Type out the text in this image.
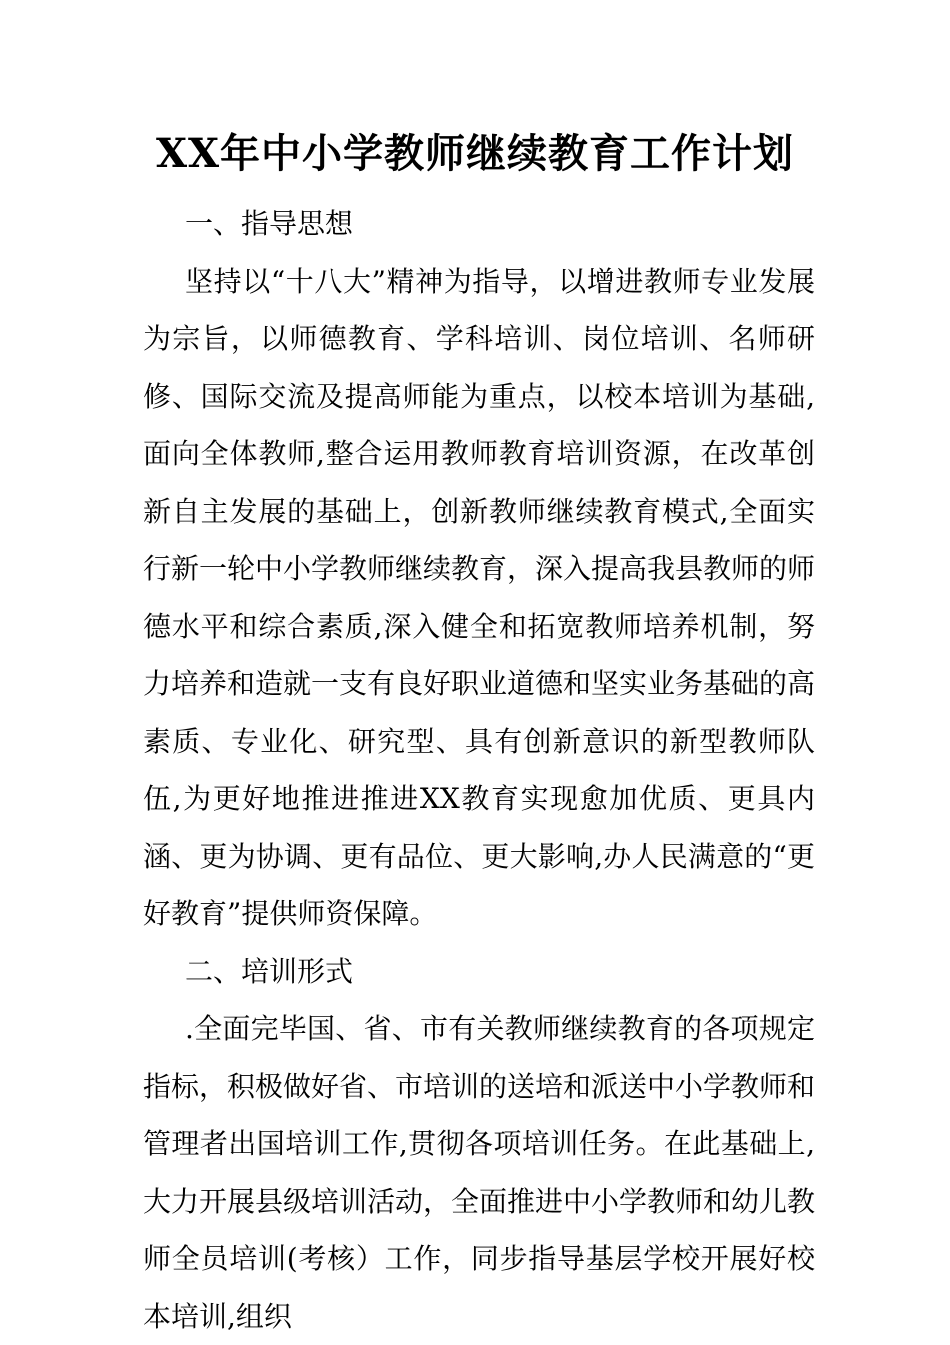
XX年中小学教师继续教育工作计划

一、指导思想

坚持以“十八大”精神为指导，以增进教师专业发展为宗旨，以师德教育、学科培训、岗位培训、名师研修、国际交流及提高师能为重点，以校本培训为基础,面向全体教师,整合运用教师教育培训资源，在改革创新自主发展的基础上，创新教师继续教育模式,全面实行新一轮中小学教师继续教育，深入提高我县教师的师德水平和综合素质,深入健全和拓宽教师培养机制，努力培养和造就一支有良好职业道德和坚实业务基础的高素质、专业化、研究型、具有创新意识的新型教师队伍,为更好地推进推进XX教育实现愈加优质、更具内涵、更为协调、更有品位、更大影响,办人民满意的“更好教育”提供师资保障。

二、培训形式

.全面完毕国、省、市有关教师继续教育的各项规定指标，积极做好省、市培训的送培和派送中小学教师和管理者出国培训工作,贯彻各项培训任务。在此基础上,大力开展县级培训活动，全面推进中小学教师和幼儿教师全员培训(考核）工作，同步指导基层学校开展好校本培训,组织
